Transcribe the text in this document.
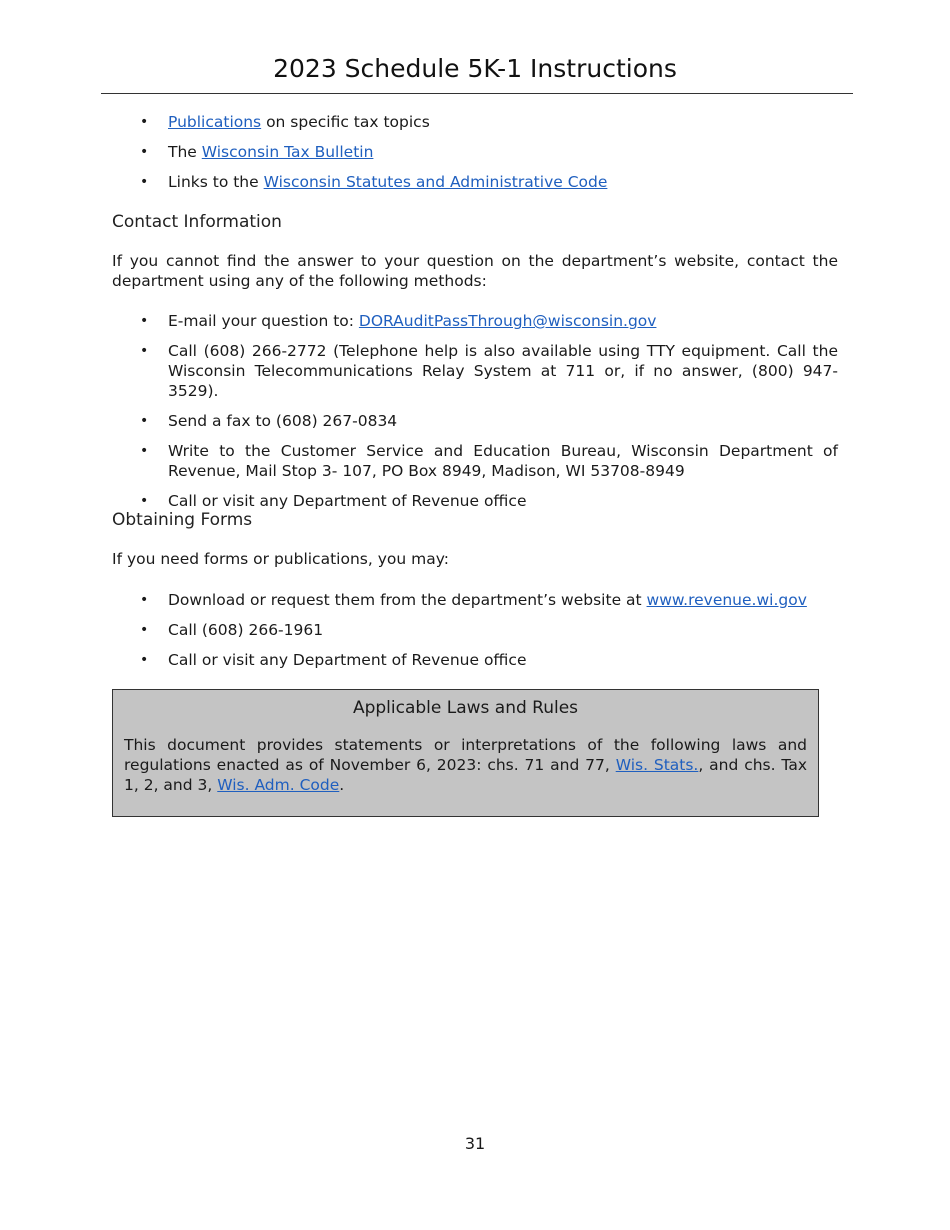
2023 Schedule 5K-1 Instructions
• Publications on specific tax topics
• The Wisconsin Tax Bulletin
• Links to the Wisconsin Statutes and Administrative Code
Contact Information
If you cannot find the answer to your question on the department’s website, contact the department using any of the following methods:
• E-mail your question to: DORAuditPassThrough@wisconsin.gov
• Call (608) 266-2772 (Telephone help is also available using TTY equipment. Call the Wisconsin Telecommunications Relay System at 711 or, if no answer, (800) 947-3529).
• Send a fax to (608) 267-0834
• Write to the Customer Service and Education Bureau, Wisconsin Department of Revenue, Mail Stop 3- 107, PO Box 8949, Madison, WI 53708-8949
• Call or visit any Department of Revenue office
Obtaining Forms
If you need forms or publications, you may:
• Download or request them from the department’s website at www.revenue.wi.gov
• Call (608) 266-1961
• Call or visit any Department of Revenue office
Applicable Laws and Rules
This document provides statements or interpretations of the following laws and regulations enacted as of November 6, 2023: chs. 71 and 77, Wis. Stats., and chs. Tax 1, 2, and 3, Wis. Adm. Code.
31
